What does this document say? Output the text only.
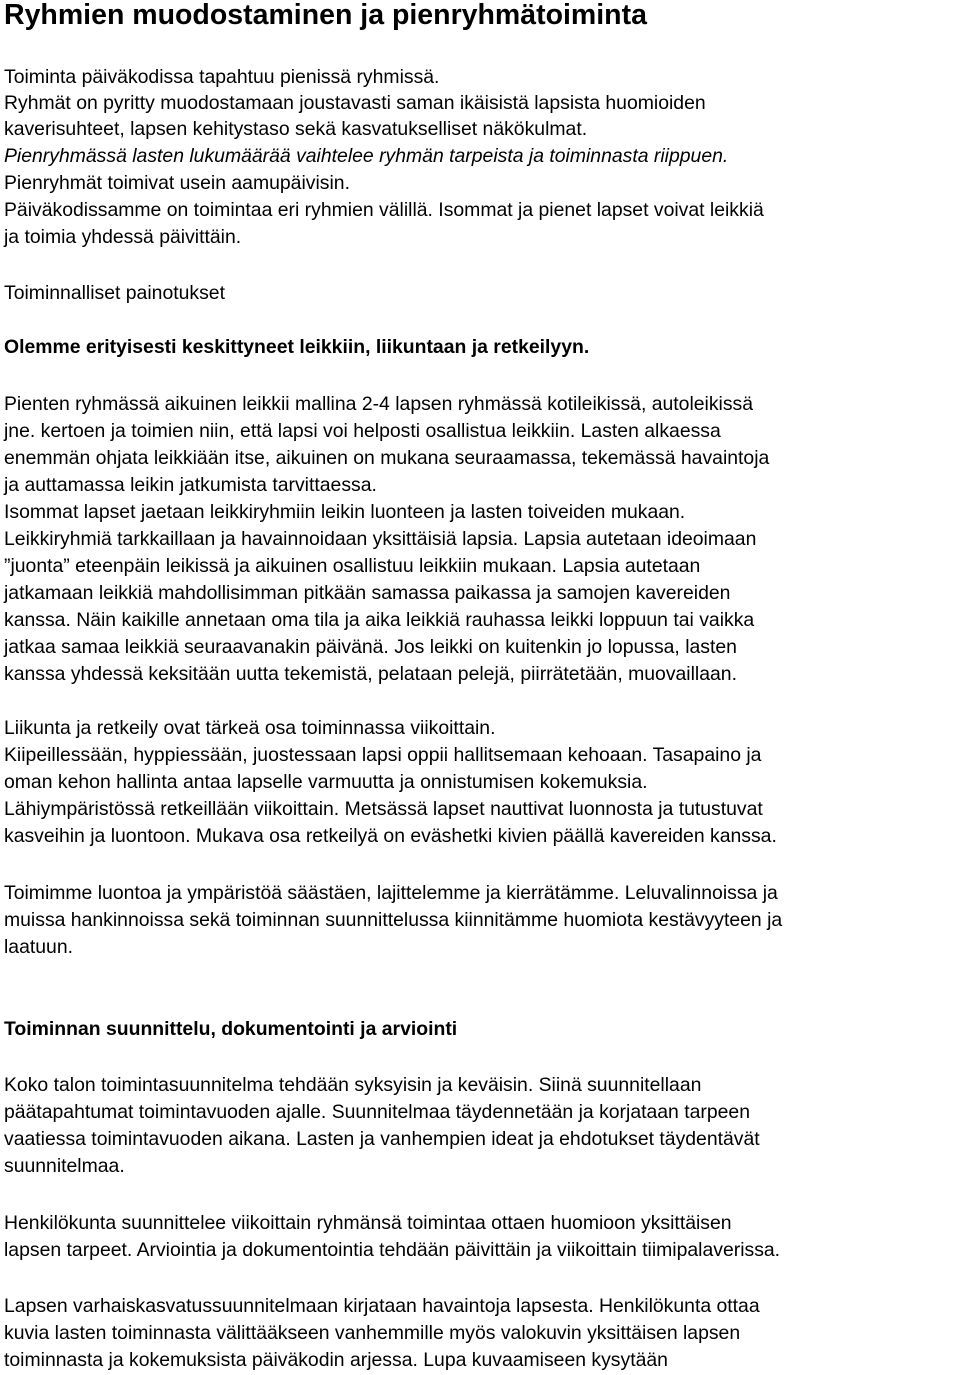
Ryhmien muodostaminen ja pienryhmätoiminta

Toiminta päiväkodissa tapahtuu pienissä ryhmissä.

Ryhmät on pyritty muodostamaan joustavasti saman ikäisistä lapsista huomioiden

kaverisuhteet, lapsen kehitystaso sekä kasvatukselliset näkökulmat.

Pienryhmässä lasten lukumäärää vaihtelee ryhmän tarpeista ja toiminnasta riippuen.

Pienryhmät toimivat usein aamupäivisin.

Päiväkodissamme on toimintaa eri ryhmien välillä. Isommat ja pienet lapset voivat leikkiä

ja toimia yhdessä päivittäin.

Toiminnalliset painotukset

Olemme erityisesti keskittyneet leikkiin, liikuntaan ja retkeilyyn.

Pienten ryhmässä aikuinen leikkii mallina 2-4 lapsen ryhmässä kotileikissä, autoleikissä

jne. kertoen ja toimien niin, että lapsi voi helposti osallistua leikkiin. Lasten alkaessa

enemmän ohjata leikkiään itse, aikuinen on mukana seuraamassa, tekemässä havaintoja

ja auttamassa leikin jatkumista tarvittaessa.

Isommat lapset jaetaan leikkiryhmiin leikin luonteen ja lasten toiveiden mukaan.

Leikkiryhmiä tarkkaillaan ja havainnoidaan yksittäisiä lapsia. Lapsia autetaan ideoimaan

”juonta” eteenpäin leikissä ja aikuinen osallistuu leikkiin mukaan. Lapsia autetaan

jatkamaan leikkiä mahdollisimman pitkään samassa paikassa ja samojen kavereiden

kanssa. Näin kaikille annetaan oma tila ja aika leikkiä rauhassa leikki loppuun tai vaikka

jatkaa samaa leikkiä seuraavanakin päivänä. Jos leikki on kuitenkin jo lopussa, lasten

kanssa yhdessä keksitään uutta tekemistä, pelataan pelejä, piirrätetään, muovaillaan.

Liikunta ja retkeily ovat tärkeä osa toiminnassa viikoittain.

Kiipeillessään, hyppiessään, juostessaan lapsi oppii hallitsemaan kehoaan. Tasapaino ja

oman kehon hallinta antaa lapselle varmuutta ja onnistumisen kokemuksia.

Lähiympäristössä retkeillään viikoittain. Metsässä lapset nauttivat luonnosta ja tutustuvat

kasveihin ja luontoon. Mukava osa retkeilyä on eväshetki kivien päällä kavereiden kanssa.

Toimimme luontoa ja ympäristöä säästäen, lajittelemme ja kierrätämme. Leluvalinnoissa ja

muissa hankinnoissa sekä toiminnan suunnittelussa kiinnitämme huomiota kestävyyteen ja

laatuun.

Toiminnan suunnittelu, dokumentointi ja arviointi

Koko talon toimintasuunnitelma tehdään syksyisin ja keväisin. Siinä suunnitellaan

päätapahtumat toimintavuoden ajalle. Suunnitelmaa täydennetään ja korjataan tarpeen

vaatiessa toimintavuoden aikana. Lasten ja vanhempien ideat ja ehdotukset täydentävät

suunnitelmaa.

Henkilökunta suunnittelee viikoittain ryhmänsä toimintaa ottaen huomioon yksittäisen

lapsen tarpeet. Arviointia ja dokumentointia tehdään päivittäin ja viikoittain tiimipalaverissa.

Lapsen varhaiskasvatussuunnitelmaan kirjataan havaintoja lapsesta. Henkilökunta ottaa

kuvia lasten toiminnasta välittääkseen vanhemmille myös valokuvin yksittäisen lapsen

toiminnasta ja kokemuksista päiväkodin arjessa. Lupa kuvaamiseen kysytään
